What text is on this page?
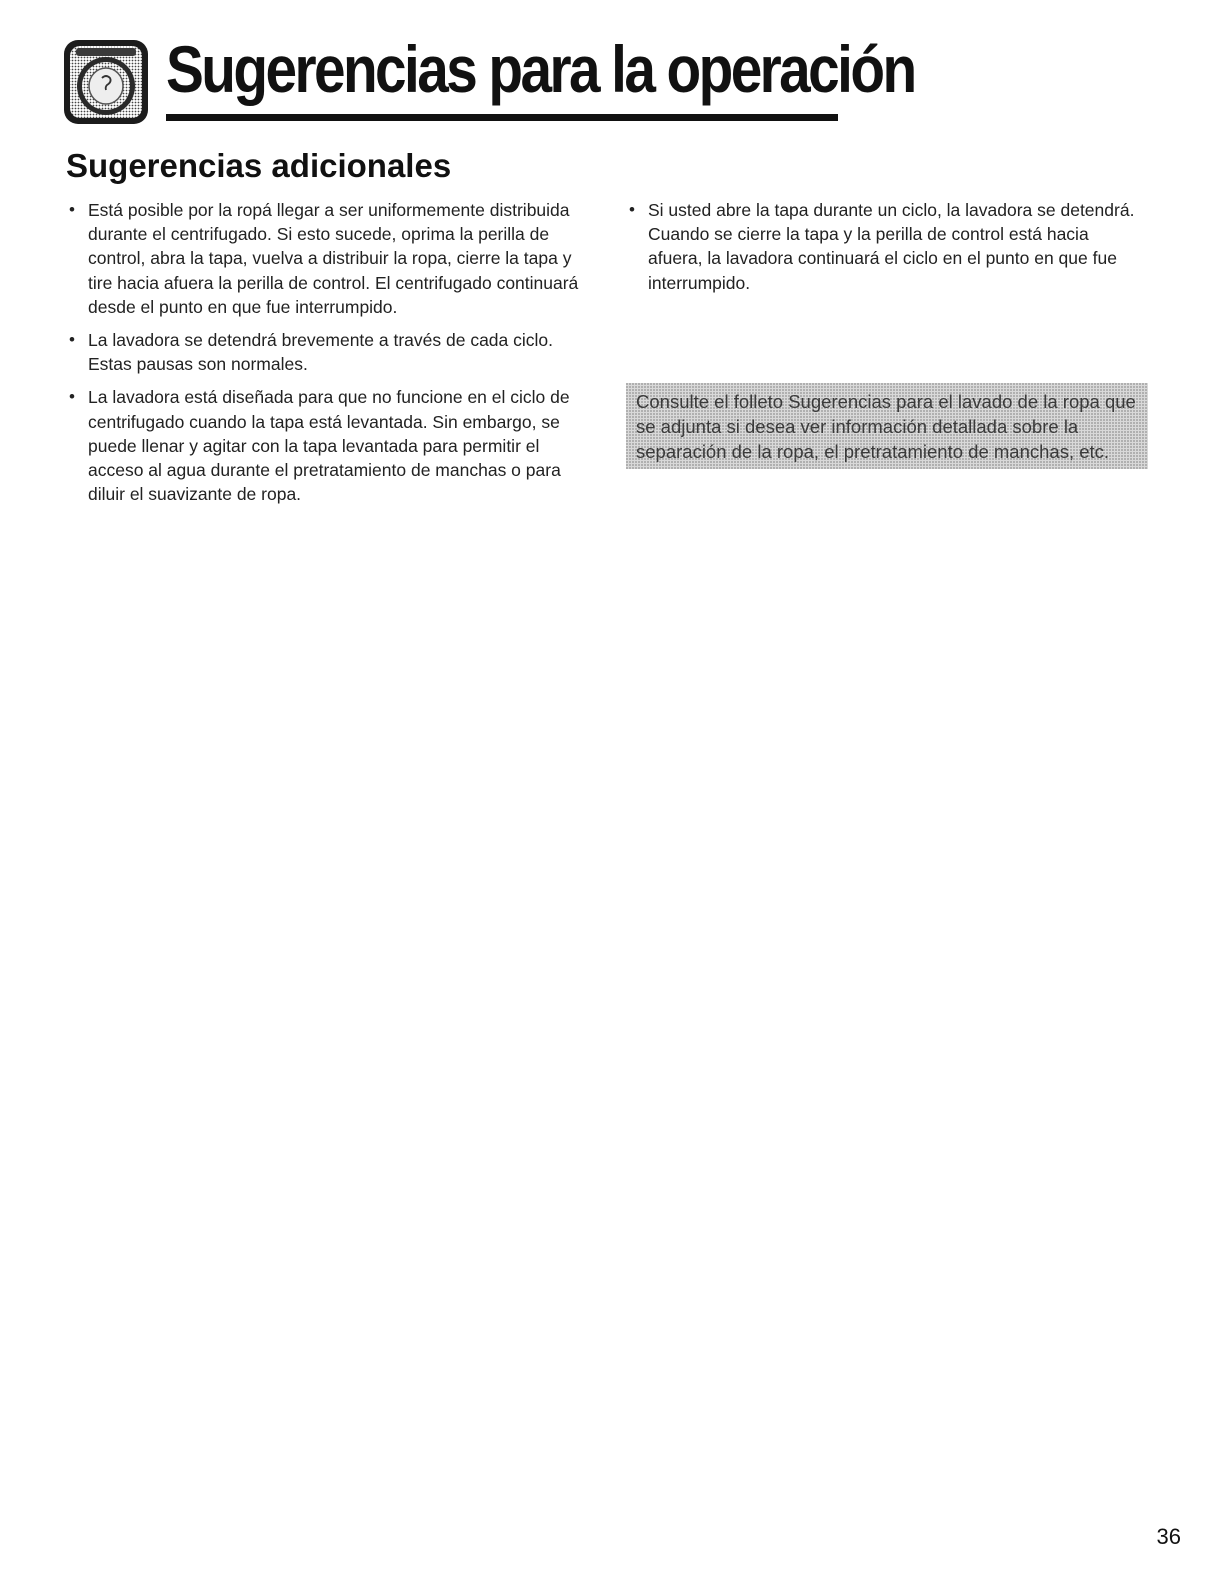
Sugerencias para la operación
Sugerencias adicionales
• Está posible por la ropá llegar a ser uniformemente distribuida durante el centrifugado. Si esto sucede, oprima la perilla de control, abra la tapa, vuelva a distribuir la ropa, cierre la tapa y tire hacia afuera la perilla de control. El centrifugado continuará desde el punto en que fue interrumpido.
• La lavadora se detendrá brevemente a través de cada ciclo. Estas pausas son normales.
• La lavadora está diseñada para que no funcione en el ciclo de centrifugado cuando la tapa está levantada. Sin embargo, se puede llenar y agitar con la tapa levantada para permitir el acceso al agua durante el pretratamiento de manchas o para diluir el suavizante de ropa.
• Si usted abre la tapa durante un ciclo, la lavadora se detendrá. Cuando se cierre la tapa y la perilla de control está hacia afuera, la lavadora continuará el ciclo en el punto en que fue interrumpido.
Consulte el folleto Sugerencias para el lavado de la ropa que se adjunta si desea ver información detallada sobre la separación de la ropa, el pretratamiento de manchas, etc.
36
